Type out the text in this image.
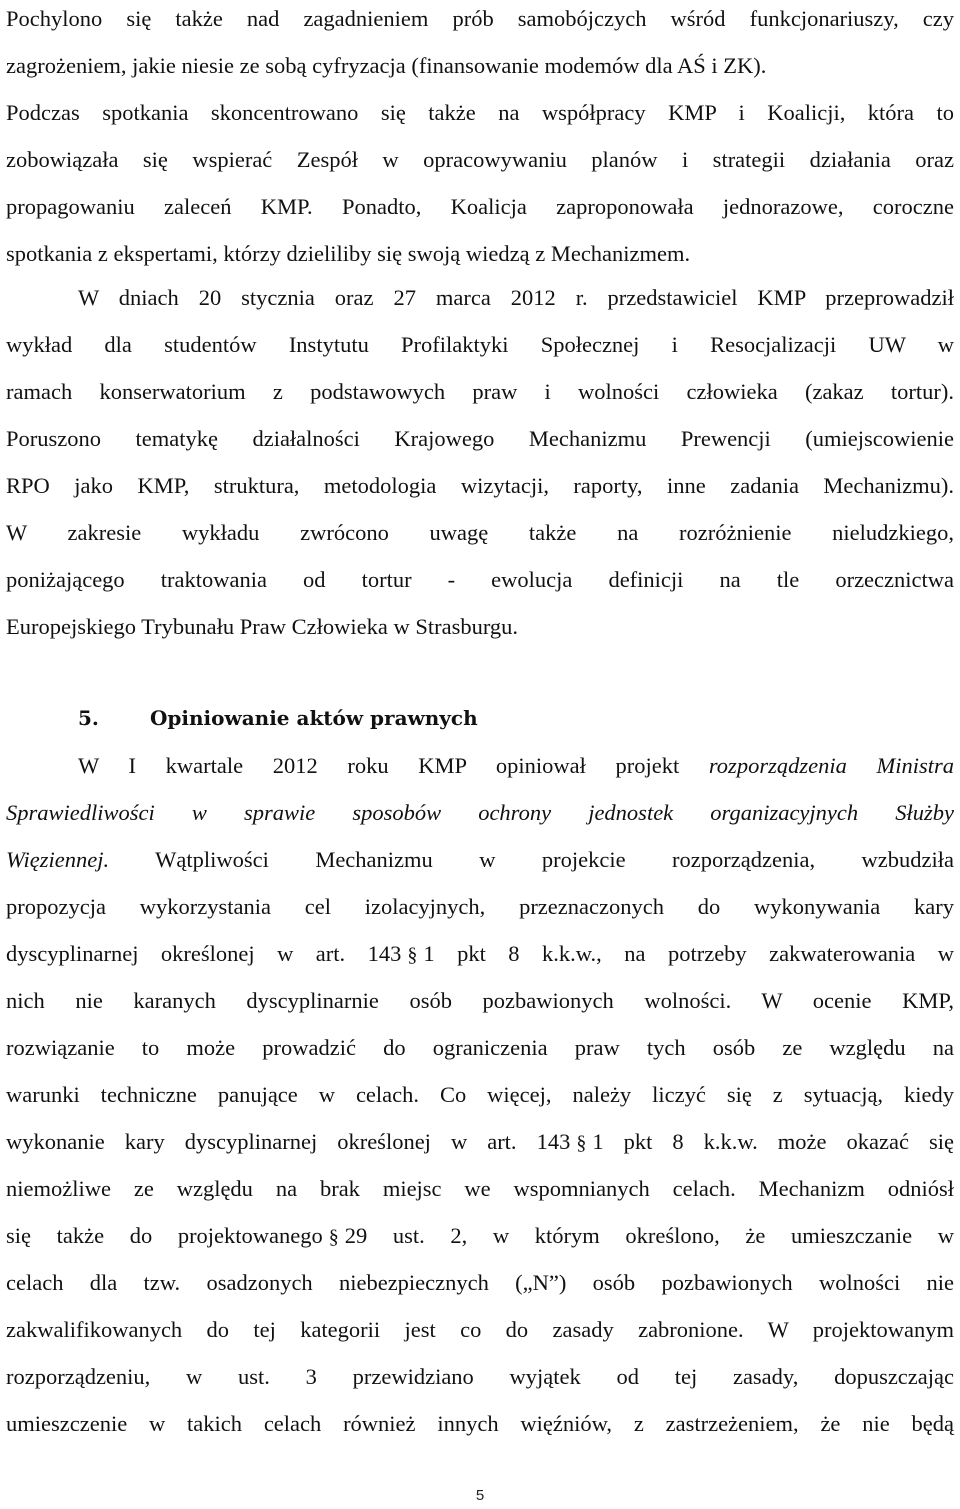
Pochylono się także nad zagadnieniem prób samobójczych wśród funkcjonariuszy, czy
zagrożeniem, jakie niesie ze sobą cyfryzacja (finansowanie modemów dla AŚ i ZK).
Podczas spotkania skoncentrowano się także na współpracy KMP i Koalicji, która to
zobowiązała się wspierać Zespół w opracowywaniu planów i strategii działania oraz
propagowaniu zaleceń KMP. Ponadto, Koalicja zaproponowała jednorazowe, coroczne
spotkania z ekspertami, którzy dzieliliby się swoją wiedzą z Mechanizmem.
W dniach 20 stycznia oraz 27 marca 2012 r. przedstawiciel KMP przeprowadził
wykład dla studentów Instytutu Profilaktyki Społecznej i Resocjalizacji UW w
ramach konserwatorium z podstawowych praw i wolności człowieka (zakaz tortur).
Poruszono tematykę działalności Krajowego Mechanizmu Prewencji (umiejscowienie
RPO jako KMP, struktura, metodologia wizytacji, raporty, inne zadania Mechanizmu).
W zakresie wykładu zwrócono uwagę także na rozróżnienie nieludzkiego,
poniżającego traktowania od tortur - ewolucja definicji na tle orzecznictwa
Europejskiego Trybunału Praw Człowieka w Strasburgu.
5.	Opiniowanie aktów prawnych
W I kwartale 2012 roku KMP opiniował projekt rozporządzenia Ministra
Sprawiedliwości w sprawie sposobów ochrony jednostek organizacyjnych Służby
Więziennej. Wątpliwości Mechanizmu w projekcie rozporządzenia, wzbudziła
propozycja wykorzystania cel izolacyjnych, przeznaczonych do wykonywania kary
dyscyplinarnej określonej w art. 143 § 1 pkt 8 k.k.w., na potrzeby zakwaterowania w
nich nie karanych dyscyplinarnie osób pozbawionych wolności. W ocenie KMP,
rozwiązanie to może prowadzić do ograniczenia praw tych osób ze względu na
warunki techniczne panujące w celach. Co więcej, należy liczyć się z sytuacją, kiedy
wykonanie kary dyscyplinarnej określonej w art. 143 § 1 pkt 8 k.k.w. może okazać się
niemożliwe ze względu na brak miejsc we wspomnianych celach. Mechanizm odniósł
się także do projektowanego § 29 ust. 2, w którym określono, że umieszczanie w
celach dla tzw. osadzonych niebezpiecznych („N”) osób pozbawionych wolności nie
zakwalifikowanych do tej kategorii jest co do zasady zabronione. W projektowanym
rozporządzeniu, w ust. 3 przewidziano wyjątek od tej zasady, dopuszczając
umieszczenie w takich celach również innych więźniów, z zastrzeżeniem, że nie będą
5
